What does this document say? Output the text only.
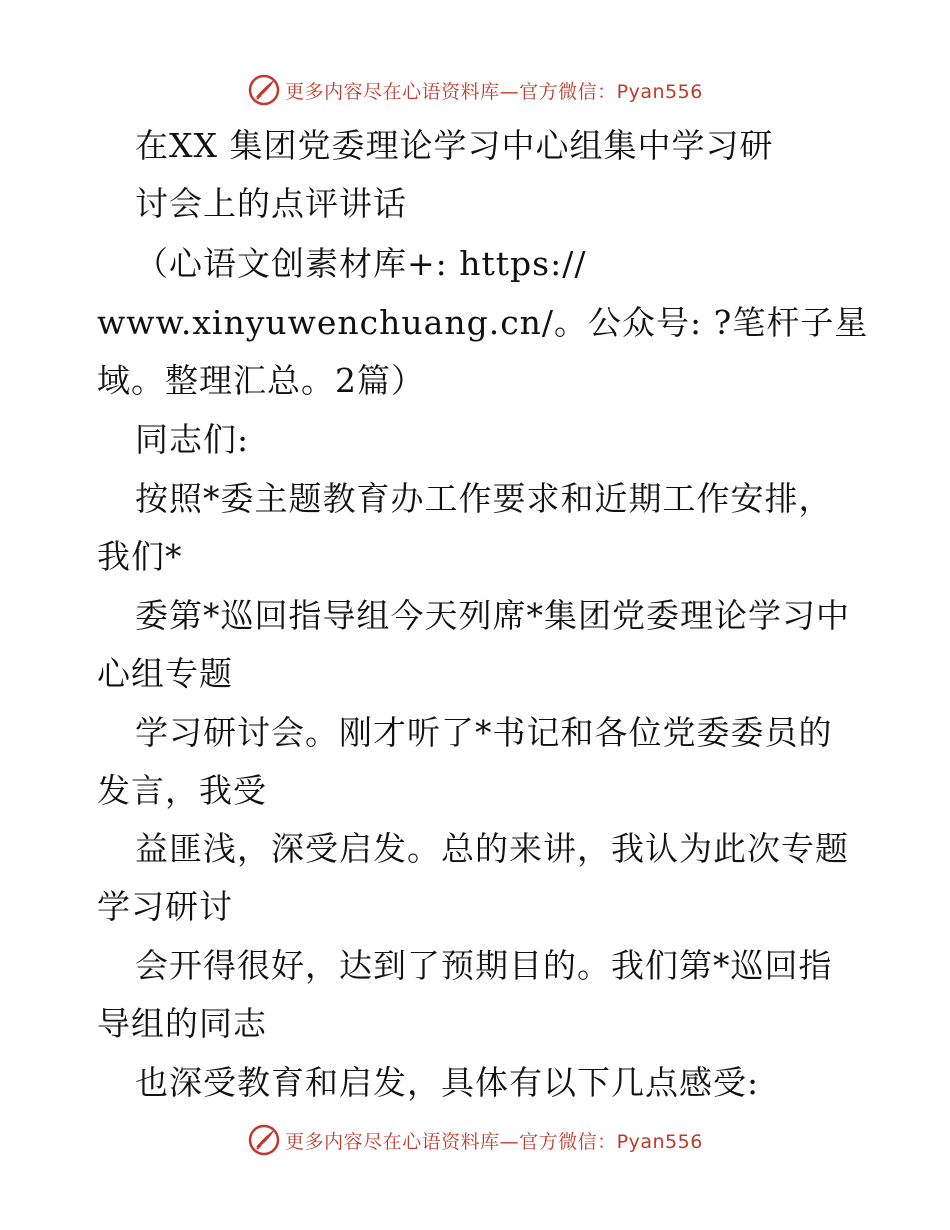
更多内容尽在心语资料库—官方微信：Pyan556
在XX 集团党委理论学习中心组集中学习研
讨会上的点评讲话
（心语文创素材库+: https://
www.xinyuwenchuang.cn/。公众号: ?笔杆子星
域。整理汇总。2篇）
同志们:
按照*委主题教育办工作要求和近期工作安排，
我们*
委第*巡回指导组今天列席*集团党委理论学习中
心组专题
学习研讨会。刚才听了*书记和各位党委委员的
发言，我受
益匪浅，深受启发。总的来讲，我认为此次专题
学习研讨
会开得很好，达到了预期目的。我们第*巡回指
导组的同志
也深受教育和启发，具体有以下几点感受:
更多内容尽在心语资料库—官方微信：Pyan556
